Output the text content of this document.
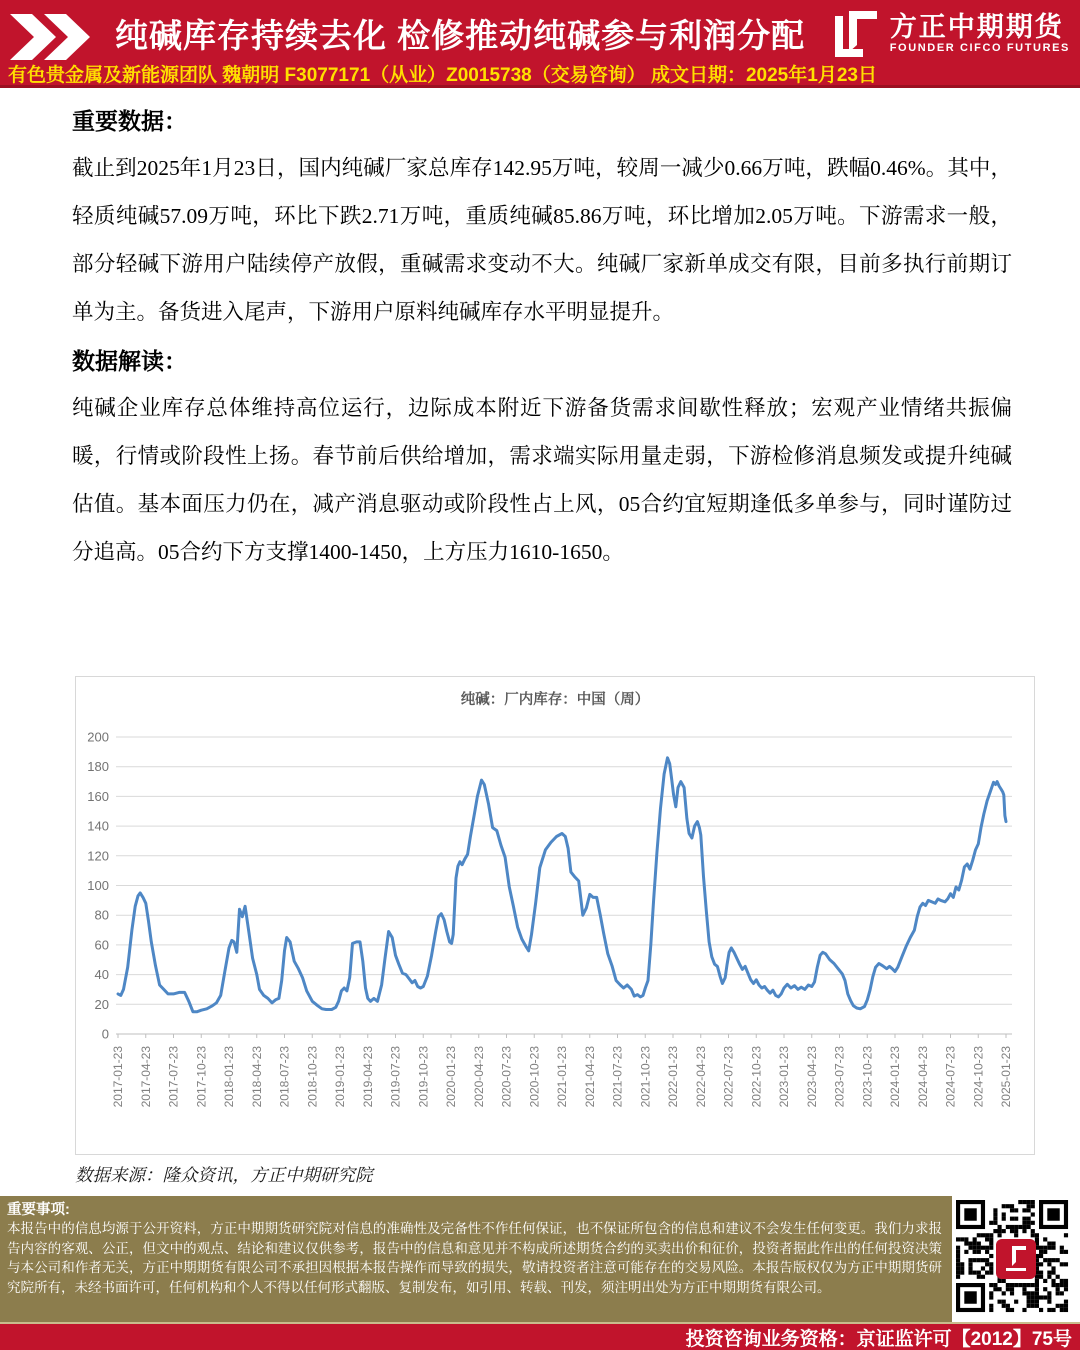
纯碱库存持续去化 检修推动纯碱参与利润分配	方正中期期货
FOUNDER CIFCO FUTURES
有色贵金属及新能源团队 魏朝明 F3077171（从业）Z0015738（交易咨询） 成文日期：2025年1月23日
重要数据：
截止到2025年1月23日，国内纯碱厂家总库存142.95万吨，较周一减少0.66万吨，跌幅0.46%。其中，轻质纯碱57.09万吨，环比下跌2.71万吨，重质纯碱85.86万吨，环比增加2.05万吨。下游需求一般，部分轻碱下游用户陆续停产放假，重碱需求变动不大。纯碱厂家新单成交有限，目前多执行前期订单为主。备货进入尾声，下游用户原料纯碱库存水平明显提升。
数据解读：
纯碱企业库存总体维持高位运行，边际成本附近下游备货需求间歇性释放；宏观产业情绪共振偏暖，行情或阶段性上扬。春节前后供给增加，需求端实际用量走弱，下游检修消息频发或提升纯碱估值。基本面压力仍在，减产消息驱动或阶段性占上风，05合约宜短期逢低多单参与，同时谨防过分追高。05合约下方支撑1400-1450，上方压力1610-1650。
纯碱：厂内库存：中国（周）
0
20
40
60
80
100
120
140
160
180
200
2017-01-23 2017-04-23 2017-07-23 2017-10-23 2018-01-23 2018-04-23 2018-07-23 2018-10-23 2019-01-23 2019-04-23 2019-07-23 2019-10-23 2020-01-23 2020-04-23 2020-07-23 2020-10-23 2021-01-23 2021-04-23 2021-07-23 2021-10-23 2022-01-23 2022-04-23 2022-07-23 2022-10-23 2023-01-23 2023-04-23 2023-07-23 2023-10-23 2024-01-23 2024-04-23 2024-07-23 2024-10-23 2025-01-23
数据来源：隆众资讯，方正中期研究院
重要事项:
本报告中的信息均源于公开资料，方正中期期货研究院对信息的准确性及完备性不作任何保证，也不保证所包含的信息和建议不会发生任何变更。我们力求报告内容的客观、公正，但文中的观点、结论和建议仅供参考，报告中的信息和意见并不构成所述期货合约的买卖出价和征价，投资者据此作出的任何投资决策与本公司和作者无关，方正中期期货有限公司不承担因根据本报告操作而导致的损失，敬请投资者注意可能存在的交易风险。本报告版权仅为方正中期期货研究院所有，未经书面许可，任何机构和个人不得以任何形式翻版、复制发布，如引用、转载、刊发，须注明出处为方正中期期货有限公司。
投资咨询业务资格：京证监许可【2012】75号
